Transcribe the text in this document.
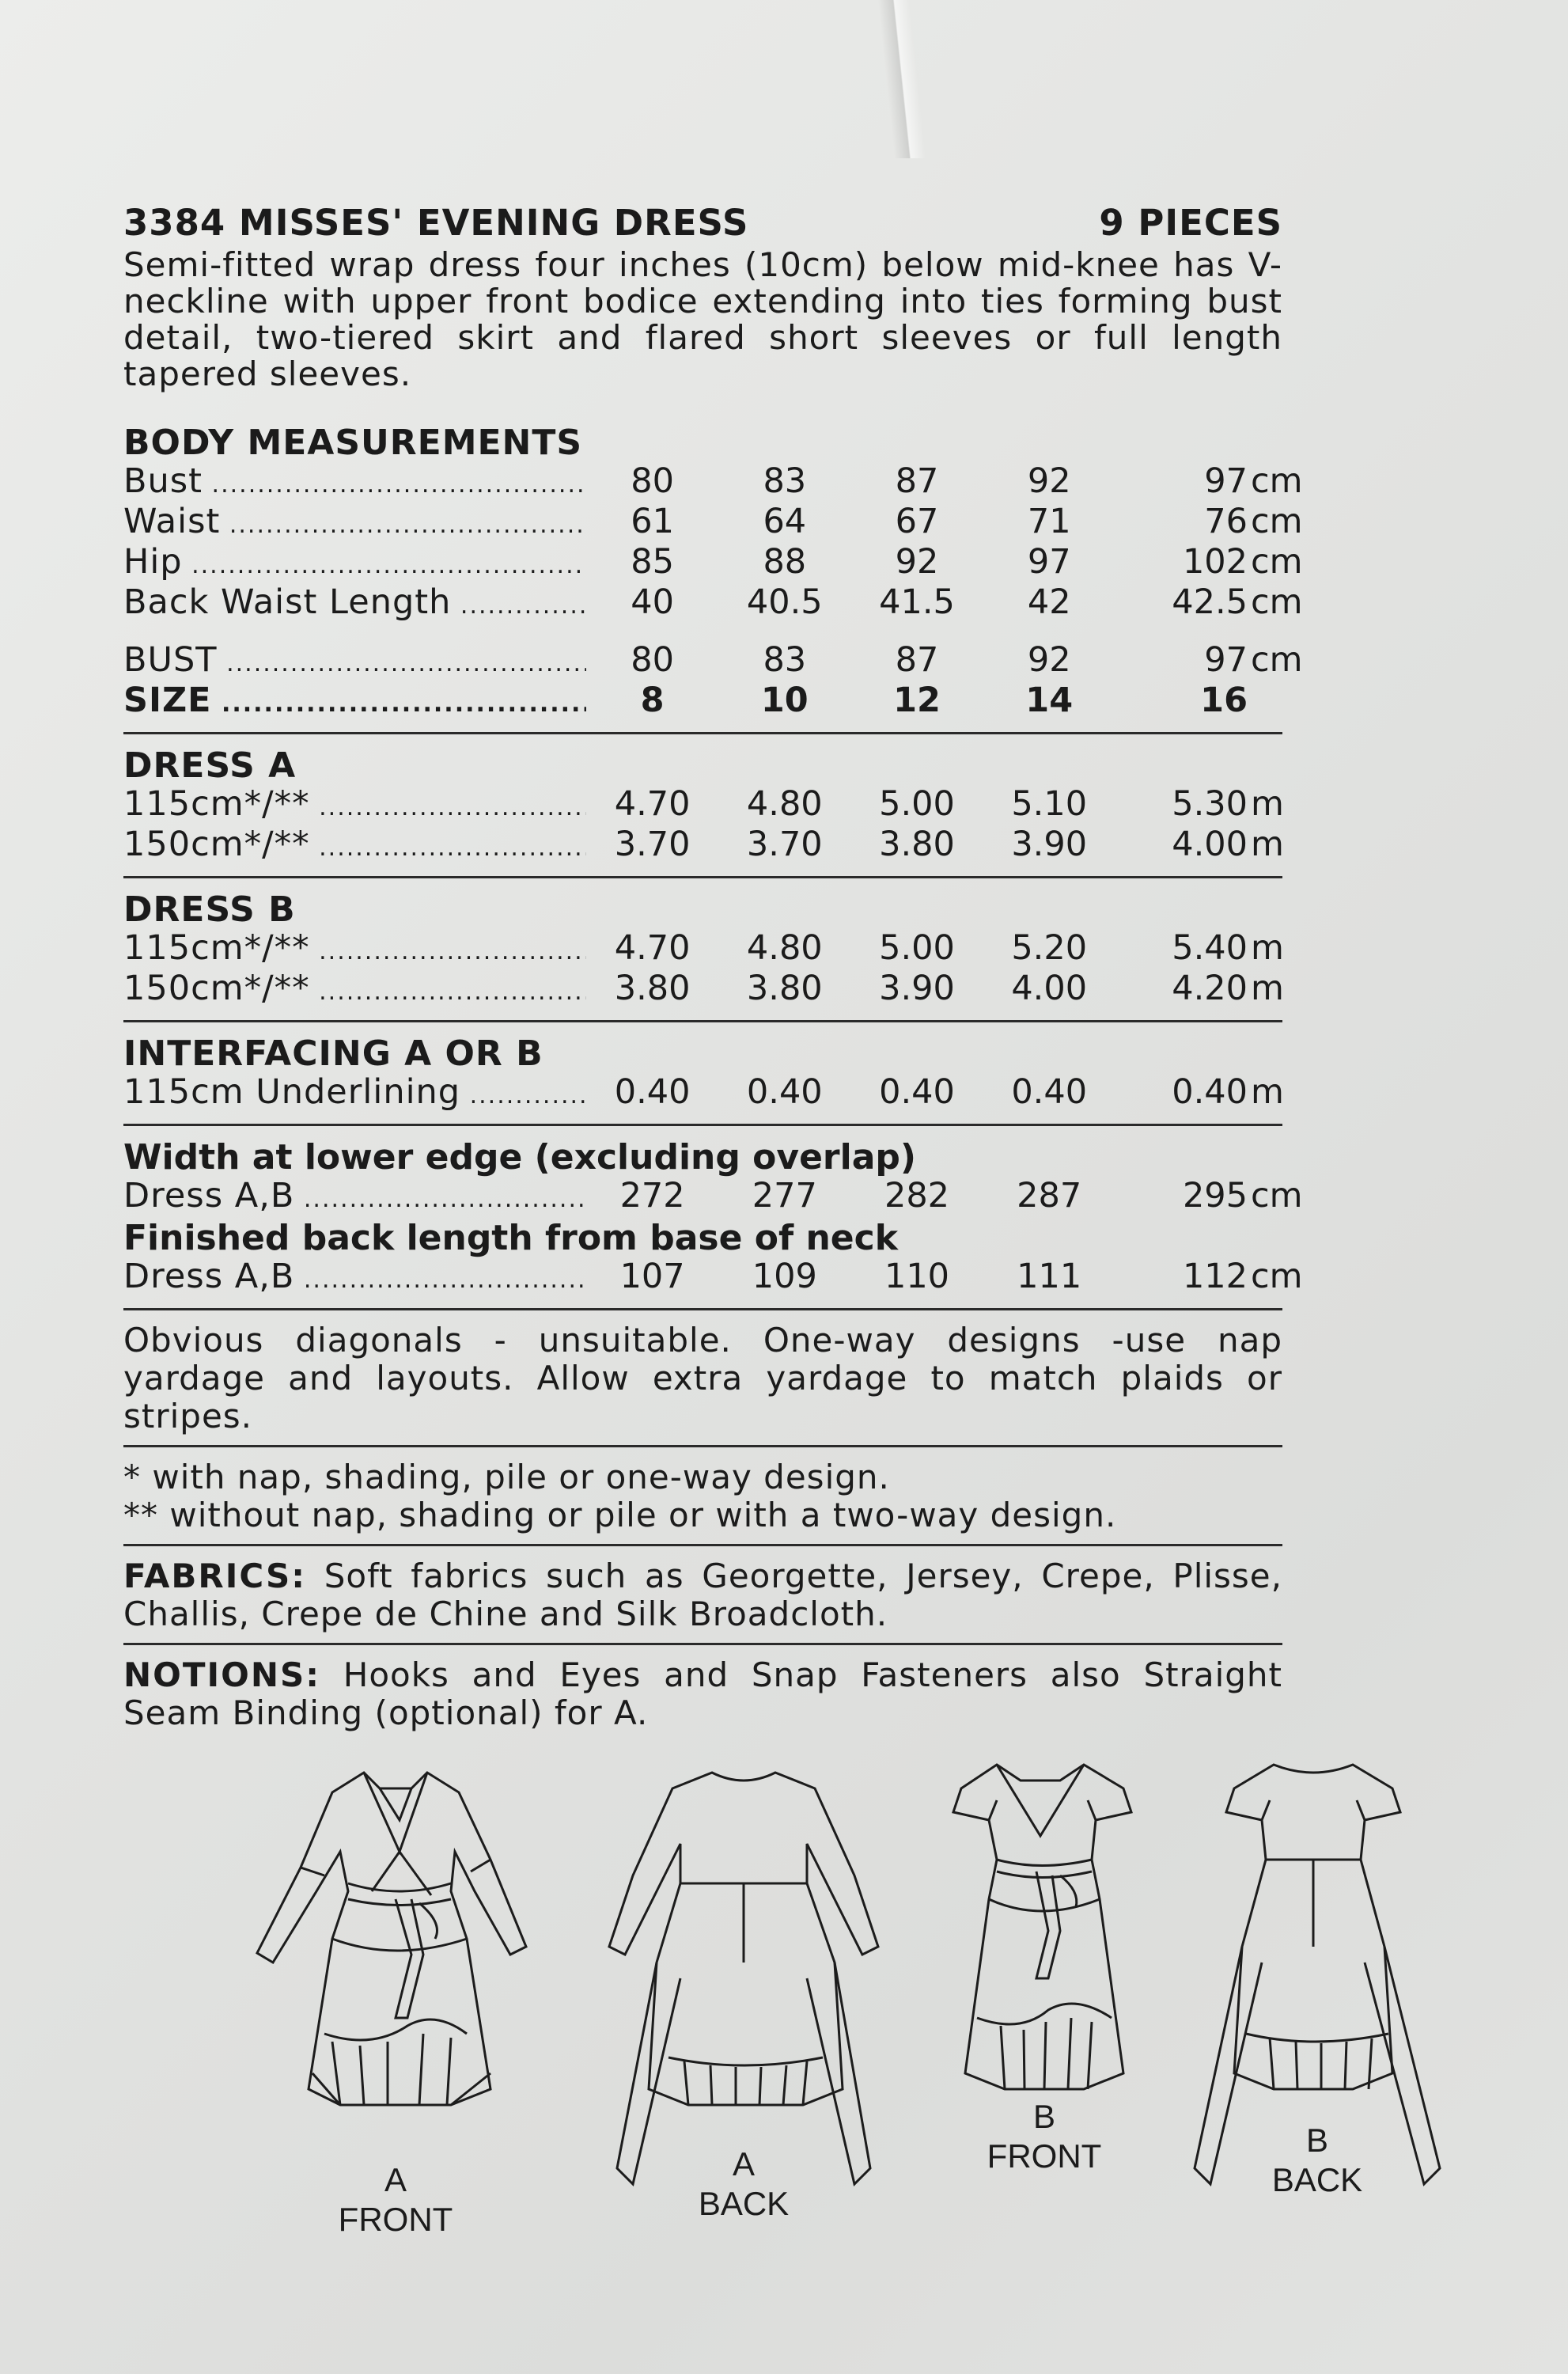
3384 MISSES' EVENING DRESS	9 PIECES
Semi-fitted wrap dress four inches (10cm) below mid-knee has V-neckline with upper front bodice extending into ties forming bust detail, two-tiered skirt and flared short sleeves or full length tapered sleeves.
BODY MEASUREMENTS
Bust .....	80	83	87	92	97 cm
Waist .....	61	64	67	71	76 cm
Hip .....	85	88	92	97	102 cm
Back Waist Length .....	40	40.5	41.5	42	42.5 cm
BUST .....	80	83	87	92	97 cm
SIZE .....	8	10	12	14	16
DRESS A
115cm*/** .....	4.70	4.80	5.00	5.10	5.30 m
150cm*/** .....	3.70	3.70	3.80	3.90	4.00 m
DRESS B
115cm*/** .....	4.70	4.80	5.00	5.20	5.40 m
150cm*/** .....	3.80	3.80	3.90	4.00	4.20 m
INTERFACING A OR B
115cm Underlining .....	0.40	0.40	0.40	0.40	0.40 m
Width at lower edge (excluding overlap)
Dress A,B .....	272	277	282	287	295 cm
Finished back length from base of neck
Dress A,B .....	107	109	110	111	112 cm
Obvious diagonals - unsuitable. One-way designs -use nap yardage and layouts. Allow extra yardage to match plaids or stripes.
* with nap, shading, pile or one-way design.
** without nap, shading or pile or with a two-way design.
FABRICS: Soft fabrics such as Georgette, Jersey, Crepe, Plisse, Challis, Crepe de Chine and Silk Broadcloth.
NOTIONS: Hooks and Eyes and Snap Fasteners also Straight Seam Binding (optional) for A.
A
FRONT
A
BACK
B
FRONT	B
BACK
